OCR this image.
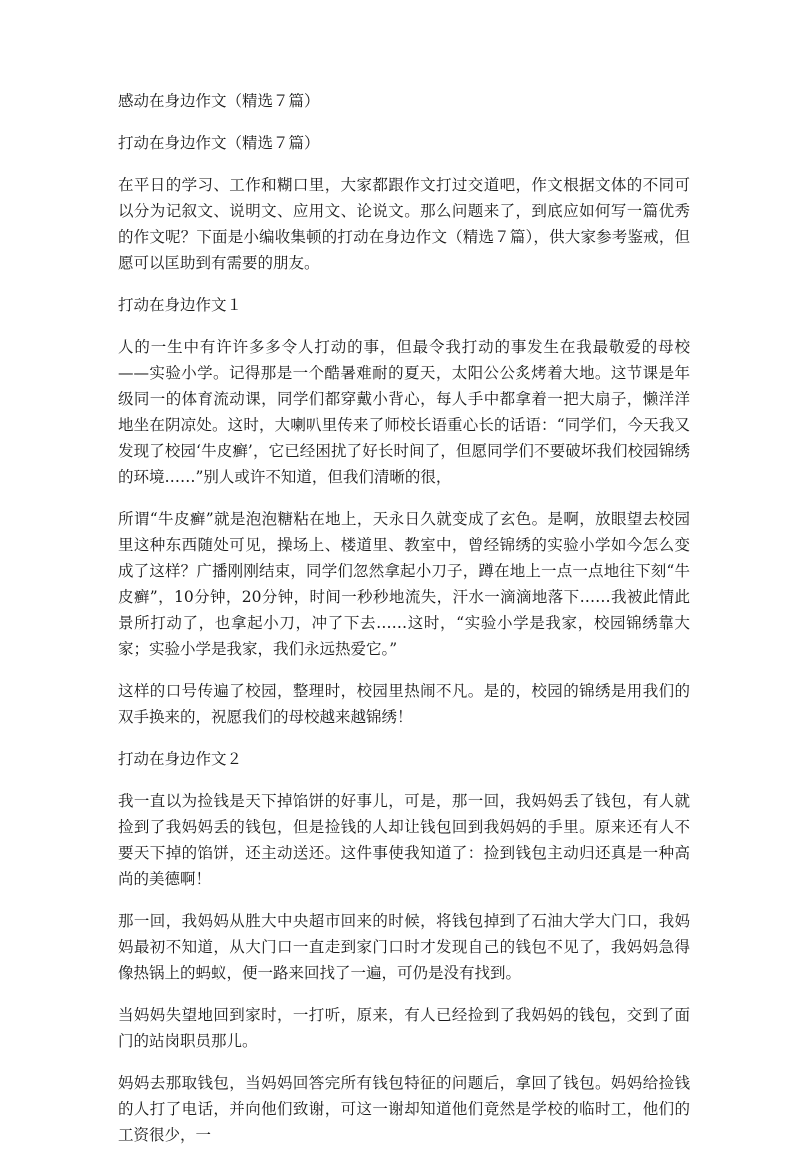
感动在身边作文（精选７篇）

打动在身边作文（精选７篇）

在平日的学习、工作和糊口里，大家都跟作文打过交道吧，作文根据文体的不同可以分为记叙文、说明文、应用文、论说文。那么问题来了，到底应如何写一篇优秀的作文呢？下面是小编收集顿的打动在身边作文（精选７篇），供大家参考鉴戒，但愿可以匡助到有需要的朋友。

打动在身边作文１

人的一生中有许许多多令人打动的事，但最令我打动的事发生在我最敬爱的母校——实验小学。记得那是一个酷暑难耐的夏天，太阳公公炙烤着大地。这节课是年级同一的体育流动课，同学们都穿戴小背心，每人手中都拿着一把大扇子，懒洋洋地坐在阴凉处。这时，大喇叭里传来了师校长语重心长的话语：“同学们，今天我又发现了校园‘牛皮癣’，它已经困扰了好长时间了，但愿同学们不要破坏我们校园锦绣的环境……”别人或许不知道，但我们清晰的很，

所谓“牛皮癣”就是泡泡糖粘在地上，天永日久就变成了玄色。是啊，放眼望去校园里这种东西随处可见，操场上、楼道里、教室中，曾经锦绣的实验小学如今怎么变成了这样？广播刚刚结束，同学们忽然拿起小刀子，蹲在地上一点一点地往下刻“牛皮癣”，10分钟，20分钟，时间一秒秒地流失，汗水一滴滴地落下……我被此情此景所打动了，也拿起小刀，冲了下去……这时，“实验小学是我家，校园锦绣靠大家；实验小学是我家，我们永远热爱它。”

这样的口号传遍了校园，整理时，校园里热闹不凡。是的，校园的锦绣是用我们的双手换来的，祝愿我们的母校越来越锦绣！

打动在身边作文２

我一直以为捡钱是天下掉馅饼的好事儿，可是，那一回，我妈妈丢了钱包，有人就捡到了我妈妈丢的钱包，但是捡钱的人却让钱包回到我妈妈的手里。原来还有人不要天下掉的馅饼，还主动送还。这件事使我知道了：捡到钱包主动归还真是一种高尚的美德啊！

那一回，我妈妈从胜大中央超市回来的时候，将钱包掉到了石油大学大门口，我妈妈最初不知道，从大门口一直走到家门口时才发现自己的钱包不见了，我妈妈急得像热锅上的蚂蚁，便一路来回找了一遍，可仍是没有找到。

当妈妈失望地回到家时，一打听，原来，有人已经捡到了我妈妈的钱包，交到了面门的站岗职员那儿。

妈妈去那取钱包，当妈妈回答完所有钱包特征的问题后，拿回了钱包。妈妈给捡钱的人打了电话，并向他们致谢，可这一谢却知道他们竟然是学校的临时工，他们的工资很少，一
